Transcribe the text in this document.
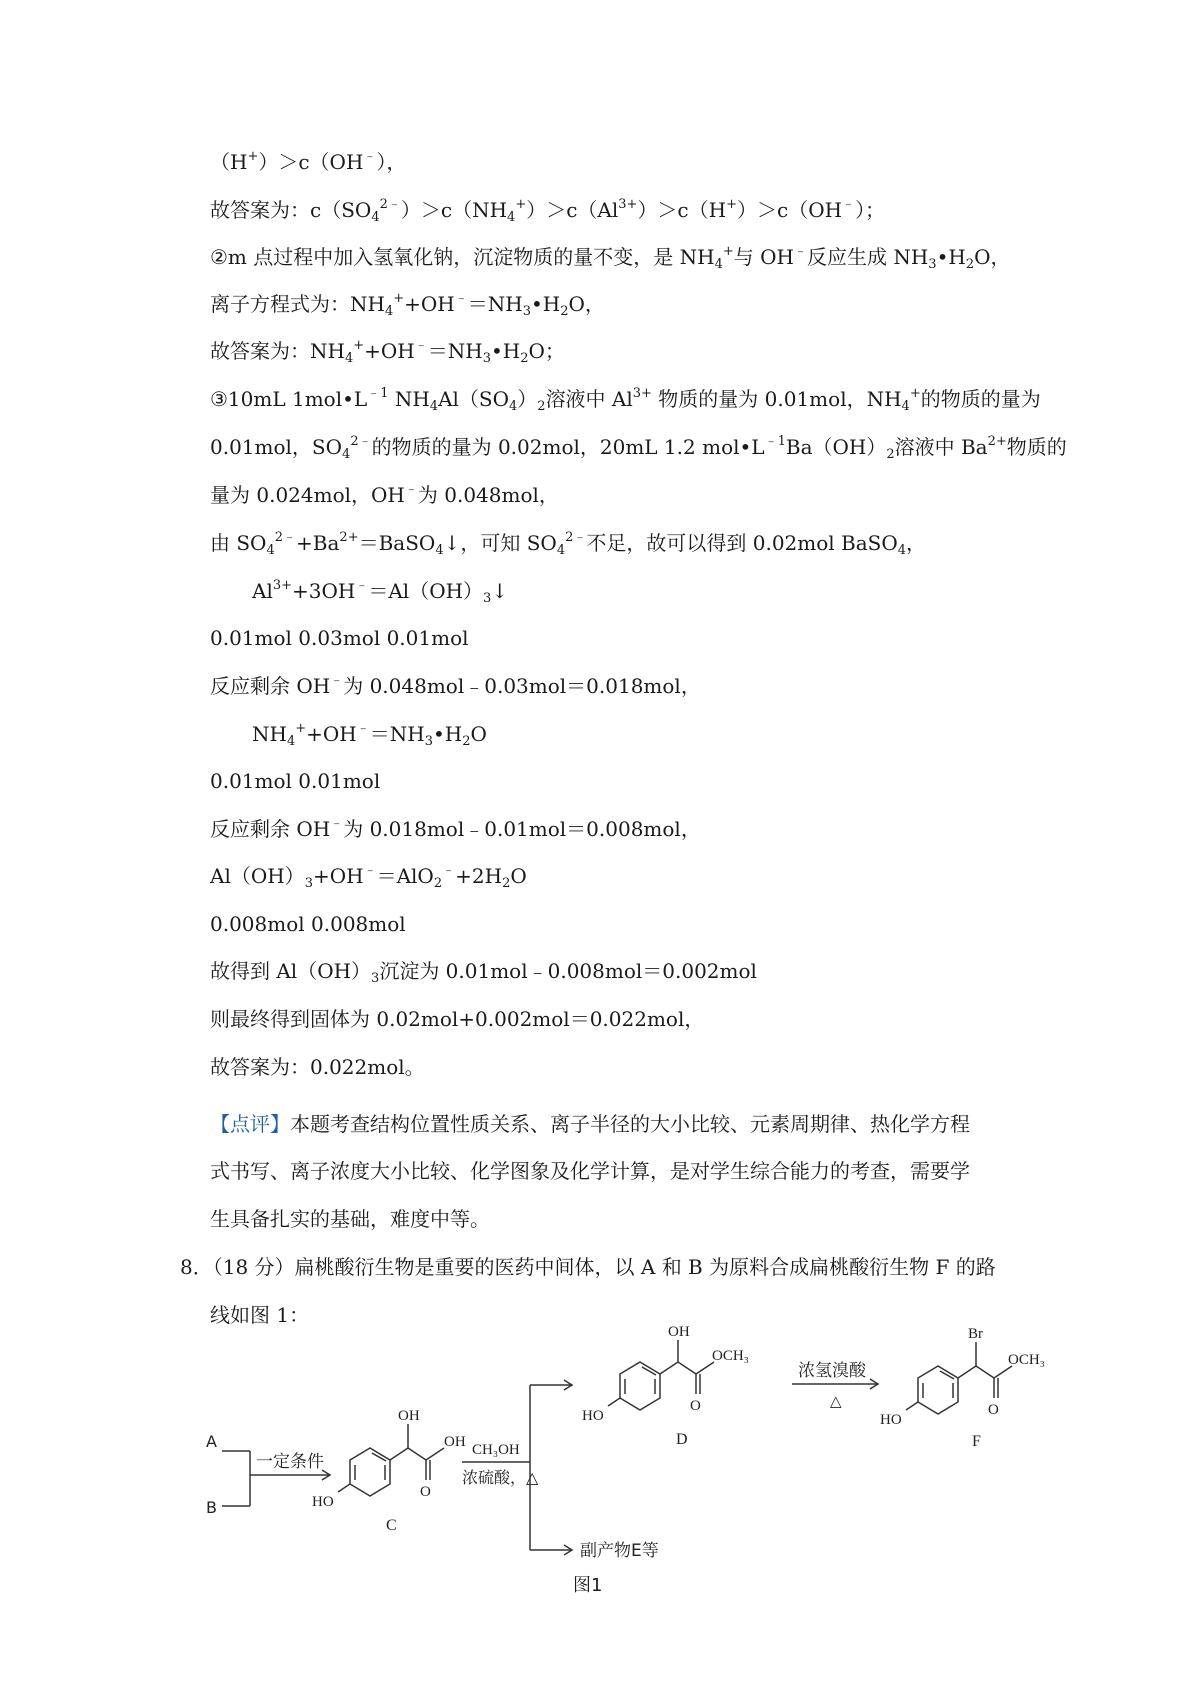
（H+）＞c（OH﹣），
故答案为：$c(SO_4^{2﹣})>c(NH_4^+)>c(Al^{3+})>c(H^+)>c(OH^﹣)$；
②m 点过程中加入氢氧化钠，沉淀物质的量不变，是 $NH_4^+$与 OH﹣反应生成 $NH_3•H_2O$，
离子方程式为：$NH_4^++OH^﹣=NH_3•H_2O$，
故答案为：$NH_4^++OH^﹣=NH_3•H_2O$；
③10mL $1mol•L^{﹣1}$ $NH_4Al(SO_4)_2$溶液中 $Al^{3+}$ 物质的量为 0.01mol，$NH_4^+$的物质的量为
0.01mol，$SO_4^{2﹣}$的物质的量为 0.02mol，20mL 1.2 $mol•L^{﹣1}Ba(OH)_2$溶液中 $Ba^{2+}$物质的
量为 0.024mol，OH﹣为 0.048mol，
由 $SO_4^{2﹣}+Ba^{2+}=BaSO_4↓$，可知 $SO_4^{2﹣}$不足，故可以得到 0.02mol BaSO$_4$，
$Al^{3+}+3OH^﹣=Al(OH)_3↓$
0.01mol 0.03mol 0.01mol
反应剩余 OH﹣为 0.048mol﹣0.03mol＝0.018mol，
$NH_4^++OH^﹣=NH_3•H_2O$
0.01mol 0.01mol
反应剩余 OH﹣为 0.018mol﹣0.01mol＝0.008mol，
$Al(OH)_3+OH^﹣=AlO_2^﹣+2H_2O$
0.008mol 0.008mol
故得到 $Al(OH)_3$沉淀为 0.01mol﹣0.008mol＝0.002mol
则最终得到固体为 0.02mol+0.002mol＝0.022mol，
故答案为：0.022mol。
【点评】本题考查结构位置性质关系、离子半径的大小比较、元素周期律、热化学方程
式书写、离子浓度大小比较、化学图象及化学计算，是对学生综合能力的考查，需要学
生具备扎实的基础，难度中等。
8．（18 分）扁桃酸衍生物是重要的医药中间体，以 A 和 B 为原料合成扁桃酸衍生物 F 的路
线如图 1：
A
B
一定条件
OH
OH
O
HO
C
CH₃OH
浓硫酸，△
副产物E等
OH
OCH₃
O
HO
D
浓氢溴酸
△
Br
OCH₃
O
HO
F
图1
